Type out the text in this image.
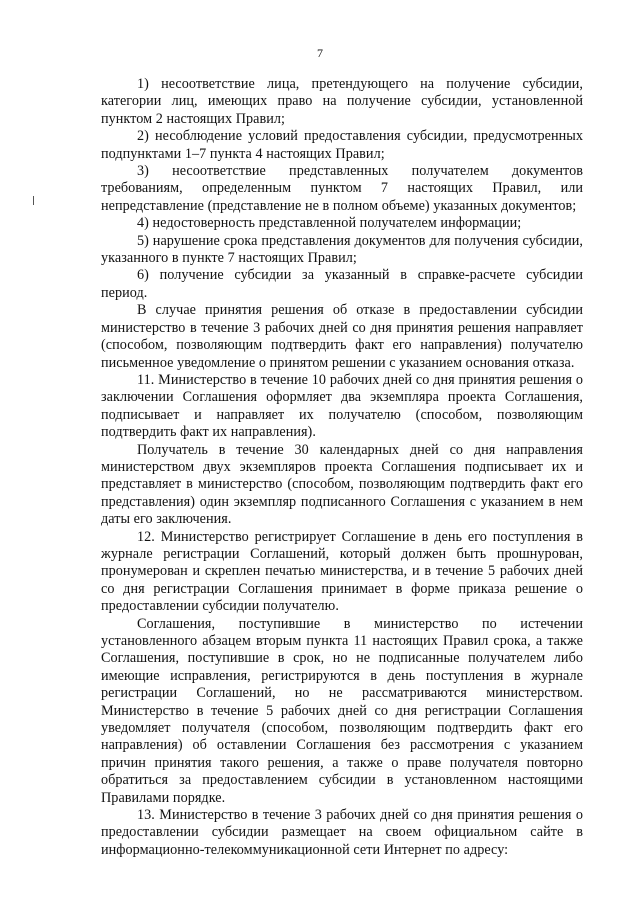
7

1) несоответствие лица, претендующего на получение субсидии, категории лиц, имеющих право на получение субсидии, установленной пунктом 2 настоящих Правил;

2) несоблюдение условий предоставления субсидии, предусмотренных подпунктами 1–7 пункта 4 настоящих Правил;

3) несоответствие представленных получателем документов требованиям, определенным пунктом 7 настоящих Правил, или непредставление (представление не в полном объеме) указанных документов;

4) недостоверность представленной получателем информации;

5) нарушение срока представления документов для получения субсидии, указанного в пункте 7 настоящих Правил;

6) получение субсидии за указанный в справке-расчете субсидии период.

В случае принятия решения об отказе в предоставлении субсидии министерство в течение 3 рабочих дней со дня принятия решения направляет (способом, позволяющим подтвердить факт его направления) получателю письменное уведомление о принятом решении с указанием основания отказа.

11. Министерство в течение 10 рабочих дней со дня принятия решения о заключении Соглашения оформляет два экземпляра проекта Соглашения, подписывает и направляет их получателю (способом, позволяющим подтвердить факт их направления).

Получатель в течение 30 календарных дней со дня направления министерством двух экземпляров проекта Соглашения подписывает их и представляет в министерство (способом, позволяющим подтвердить факт его представления) один экземпляр подписанного Соглашения с указанием в нем даты его заключения.

12. Министерство регистрирует Соглашение в день его поступления в журнале регистрации Соглашений, который должен быть прошнурован, пронумерован и скреплен печатью министерства, и в течение 5 рабочих дней со дня регистрации Соглашения принимает в форме приказа решение о предоставлении субсидии получателю.

Соглашения, поступившие в министерство по истечении установленного абзацем вторым пункта 11 настоящих Правил срока, а также Соглашения, поступившие в срок, но не подписанные получателем либо имеющие исправления, регистрируются в день поступления в журнале регистрации Соглашений, но не рассматриваются министерством. Министерство в течение 5 рабочих дней со дня регистрации Соглашения уведомляет получателя (способом, позволяющим подтвердить факт его направления) об оставлении Соглашения без рассмотрения с указанием причин принятия такого решения, а также о праве получателя повторно обратиться за предоставлением субсидии в установленном настоящими Правилами порядке.

13. Министерство в течение 3 рабочих дней со дня принятия решения о предоставлении субсидии размещает на своем официальном сайте в информационно-телекоммуникационной сети Интернет по адресу:
